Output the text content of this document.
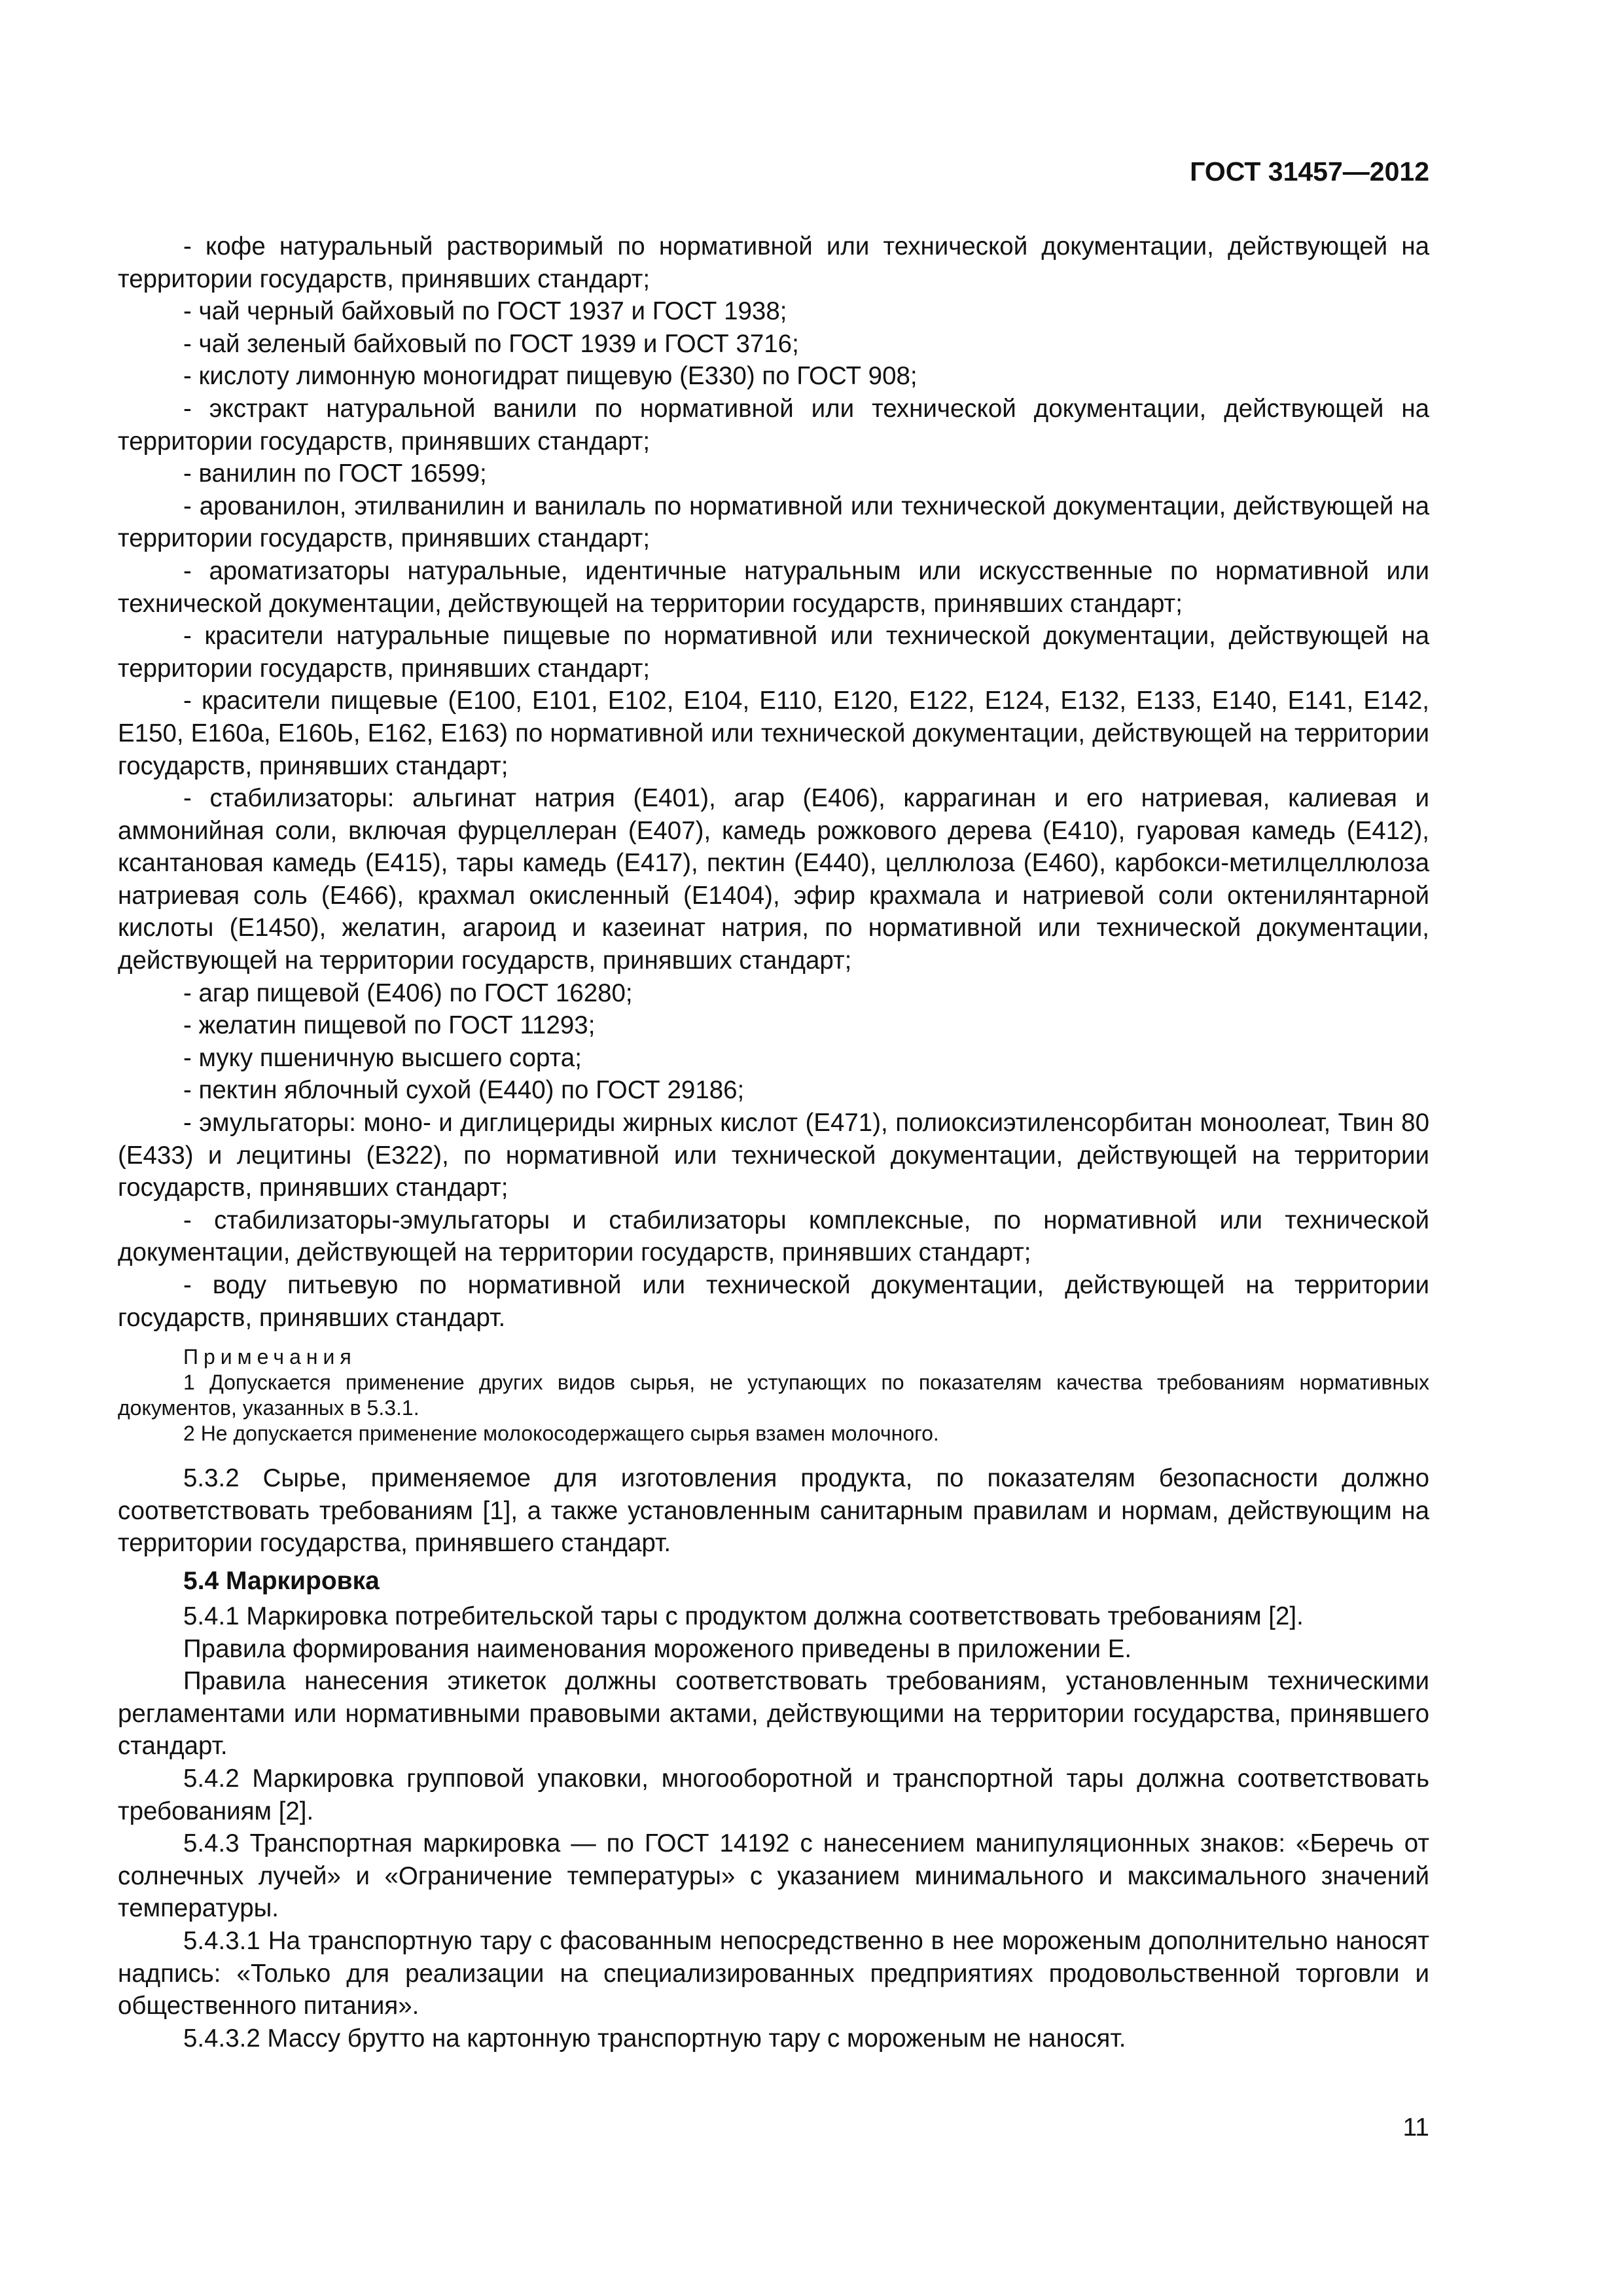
ГОСТ 31457—2012

- кофе натуральный растворимый по нормативной или технической документации, действующей на территории государств, принявших стандарт;

- чай черный байховый по ГОСТ 1937 и ГОСТ 1938;

- чай зеленый байховый по ГОСТ 1939 и ГОСТ 3716;

- кислоту лимонную моногидрат пищевую (Е330) по ГОСТ 908;

- экстракт натуральной ванили по нормативной или технической документации, действующей на территории государств, принявших стандарт;

- ванилин по ГОСТ 16599;

- арованилон, этилванилин и ванилаль по нормативной или технической документации, действующей на территории государств, принявших стандарт;

- ароматизаторы натуральные, идентичные натуральным или искусственные по нормативной или технической документации, действующей на территории государств, принявших стандарт;

- красители натуральные пищевые по нормативной или технической документации, действующей на территории государств, принявших стандарт;

- красители пищевые (Е100, Е101, Е102, Е104, Е110, Е120, Е122, Е124, Е132, Е133, Е140, Е141, Е142, Е150, Е160а, Е160Ь, Е162, Е163) по нормативной или технической документации, действующей на территории государств, принявших стандарт;

- стабилизаторы: альгинат натрия (Е401), агар (Е406), каррагинан и его натриевая, калиевая и аммонийная соли, включая фурцеллеран (Е407), камедь рожкового дерева (Е410), гуаровая камедь (Е412), ксантановая камедь (Е415), тары камедь (Е417), пектин (Е440), целлюлоза (Е460), карбокси-метилцеллюлоза натриевая соль (Е466), крахмал окисленный (Е1404), эфир крахмала и натриевой соли октенилянтарной кислоты (Е1450), желатин, агароид и казеинат натрия, по нормативной или технической документации, действующей на территории государств, принявших стандарт;

- агар пищевой (Е406) по ГОСТ 16280;

- желатин пищевой по ГОСТ 11293;

- муку пшеничную высшего сорта;

- пектин яблочный сухой (Е440) по ГОСТ 29186;

- эмульгаторы: моно- и диглицериды жирных кислот (Е471), полиоксиэтиленсорбитан моноолеат, Твин 80 (Е433) и лецитины (Е322), по нормативной или технической документации, действующей на территории государств, принявших стандарт;

- стабилизаторы-эмульгаторы и стабилизаторы комплексные, по нормативной или технической документации, действующей на территории государств, принявших стандарт;

- воду питьевую по нормативной или технической документации, действующей на территории государств, принявших стандарт.

Примечания

1 Допускается применение других видов сырья, не уступающих по показателям качества требованиям нормативных документов, указанных в 5.3.1.

2 Не допускается применение молокосодержащего сырья взамен молочного.

5.3.2 Сырье, применяемое для изготовления продукта, по показателям безопасности должно соответствовать требованиям [1], а также установленным санитарным правилам и нормам, действующим на территории государства, принявшего стандарт.

5.4 Маркировка

5.4.1 Маркировка потребительской тары с продуктом должна соответствовать требованиям [2].

Правила формирования наименования мороженого приведены в приложении Е.

Правила нанесения этикеток должны соответствовать требованиям, установленным техническими регламентами или нормативными правовыми актами, действующими на территории государства, принявшего стандарт.

5.4.2 Маркировка групповой упаковки, многооборотной и транспортной тары должна соответствовать требованиям [2].

5.4.3 Транспортная маркировка — по ГОСТ 14192 с нанесением манипуляционных знаков: «Беречь от солнечных лучей» и «Ограничение температуры» с указанием минимального и максимального значений температуры.

5.4.3.1 На транспортную тару с фасованным непосредственно в нее мороженым дополнительно наносят надпись: «Только для реализации на специализированных предприятиях продовольственной торговли и общественного питания».

5.4.3.2 Массу брутто на картонную транспортную тару с мороженым не наносят.

11
